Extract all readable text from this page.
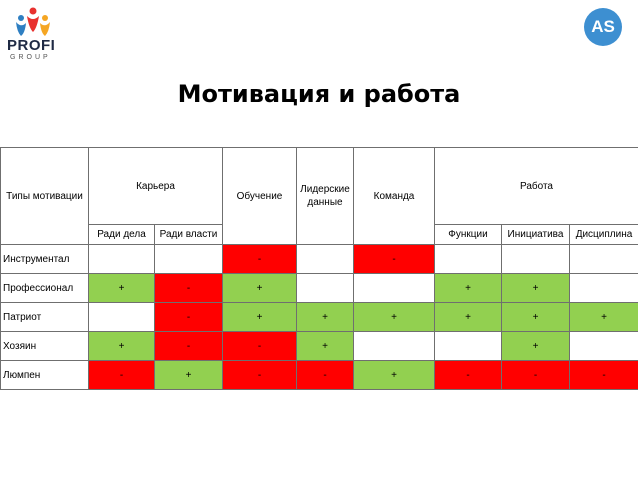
PROFI
GROUP
AS
Мотивация и работа
Типы мотивации	Карьера		Обучение	Лидерские данные	Команда	Работа		
	Ради дела	Ради власти				Функции	Инициатива	Дисциплина
Инструментал			-		-			
Профессионал	+	-	+			+	+	
Патриот		-	+	+	+	+	+	+
Хозяин	+	-	-	+			+	
Люмпен	-	+	-	-	+	-	-	-
